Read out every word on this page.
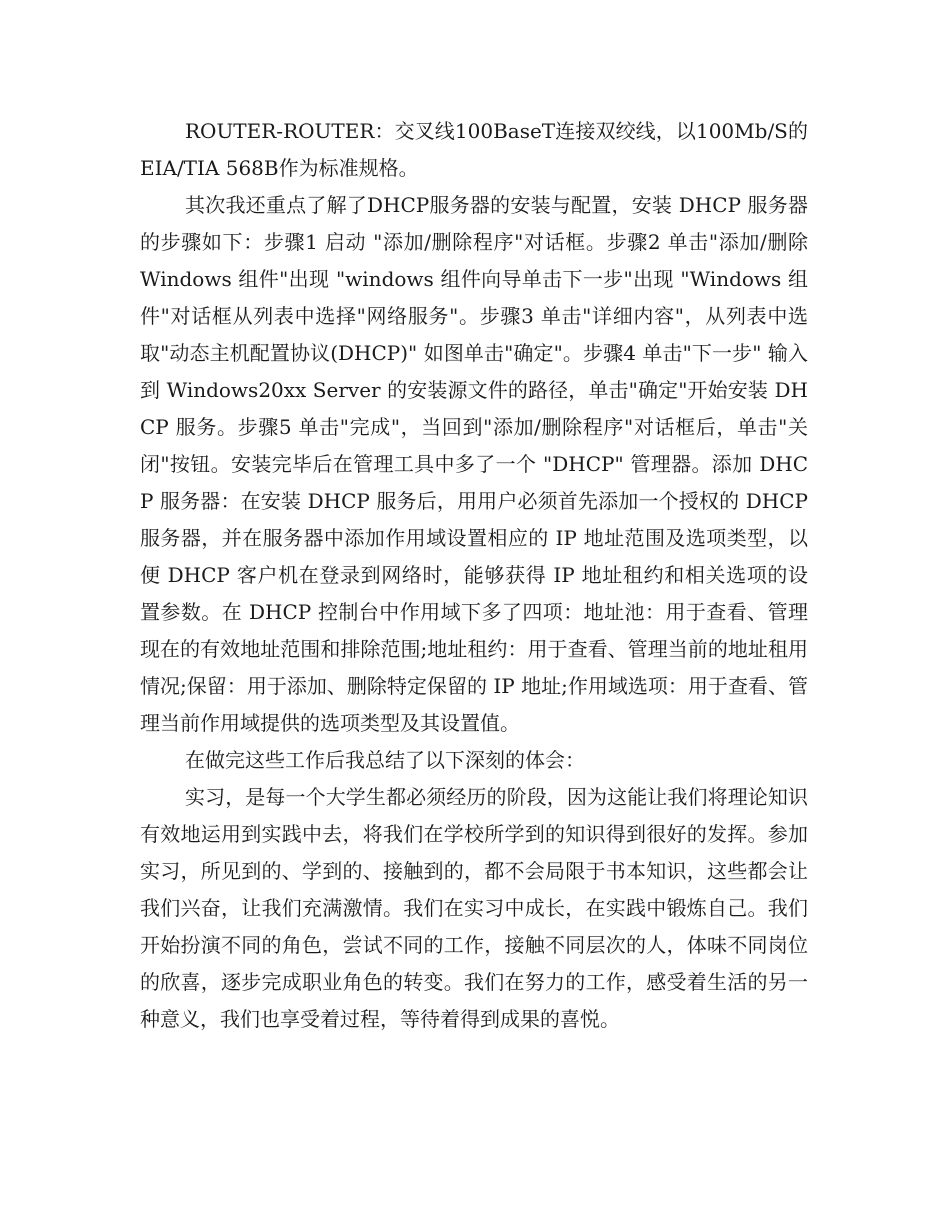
ROUTER-ROUTER：交叉线100BaseT连接双绞线，以100Mb/S的EIA/TIA 568B作为标准规格。

其次我还重点了解了DHCP服务器的安装与配置，安装 DHCP 服务器的步骤如下：步骤1 启动 "添加/删除程序"对话框。步骤2 单击"添加/删除 Windows 组件"出现 "windows 组件向导单击下一步"出现 "Windows 组件"对话框从列表中选择"网络服务"。步骤3 单击"详细内容"，从列表中选取"动态主机配置协议(DHCP)" 如图单击"确定"。步骤4 单击"下一步" 输入到 Windows20xx Server 的安装源文件的路径，单击"确定"开始安装 DHCP 服务。步骤5 单击"完成"，当回到"添加/删除程序"对话框后，单击"关闭"按钮。安装完毕后在管理工具中多了一个 "DHCP" 管理器。添加 DHCP 服务器：在安装 DHCP 服务后，用用户必须首先添加一个授权的 DHCP 服务器，并在服务器中添加作用域设置相应的 IP 地址范围及选项类型，以便 DHCP 客户机在登录到网络时，能够获得 IP 地址租约和相关选项的设置参数。在 DHCP 控制台中作用域下多了四项：地址池：用于查看、管理现在的有效地址范围和排除范围;地址租约：用于查看、管理当前的地址租用情况;保留：用于添加、删除特定保留的 IP 地址;作用域选项：用于查看、管理当前作用域提供的选项类型及其设置值。

在做完这些工作后我总结了以下深刻的体会：

实习，是每一个大学生都必须经历的阶段，因为这能让我们将理论知识有效地运用到实践中去，将我们在学校所学到的知识得到很好的发挥。参加实习，所见到的、学到的、接触到的，都不会局限于书本知识，这些都会让我们兴奋，让我们充满激情。我们在实习中成长，在实践中锻炼自己。我们开始扮演不同的角色，尝试不同的工作，接触不同层次的人，体味不同岗位的欣喜，逐步完成职业角色的转变。我们在努力的工作，感受着生活的另一种意义，我们也享受着过程，等待着得到成果的喜悦。
